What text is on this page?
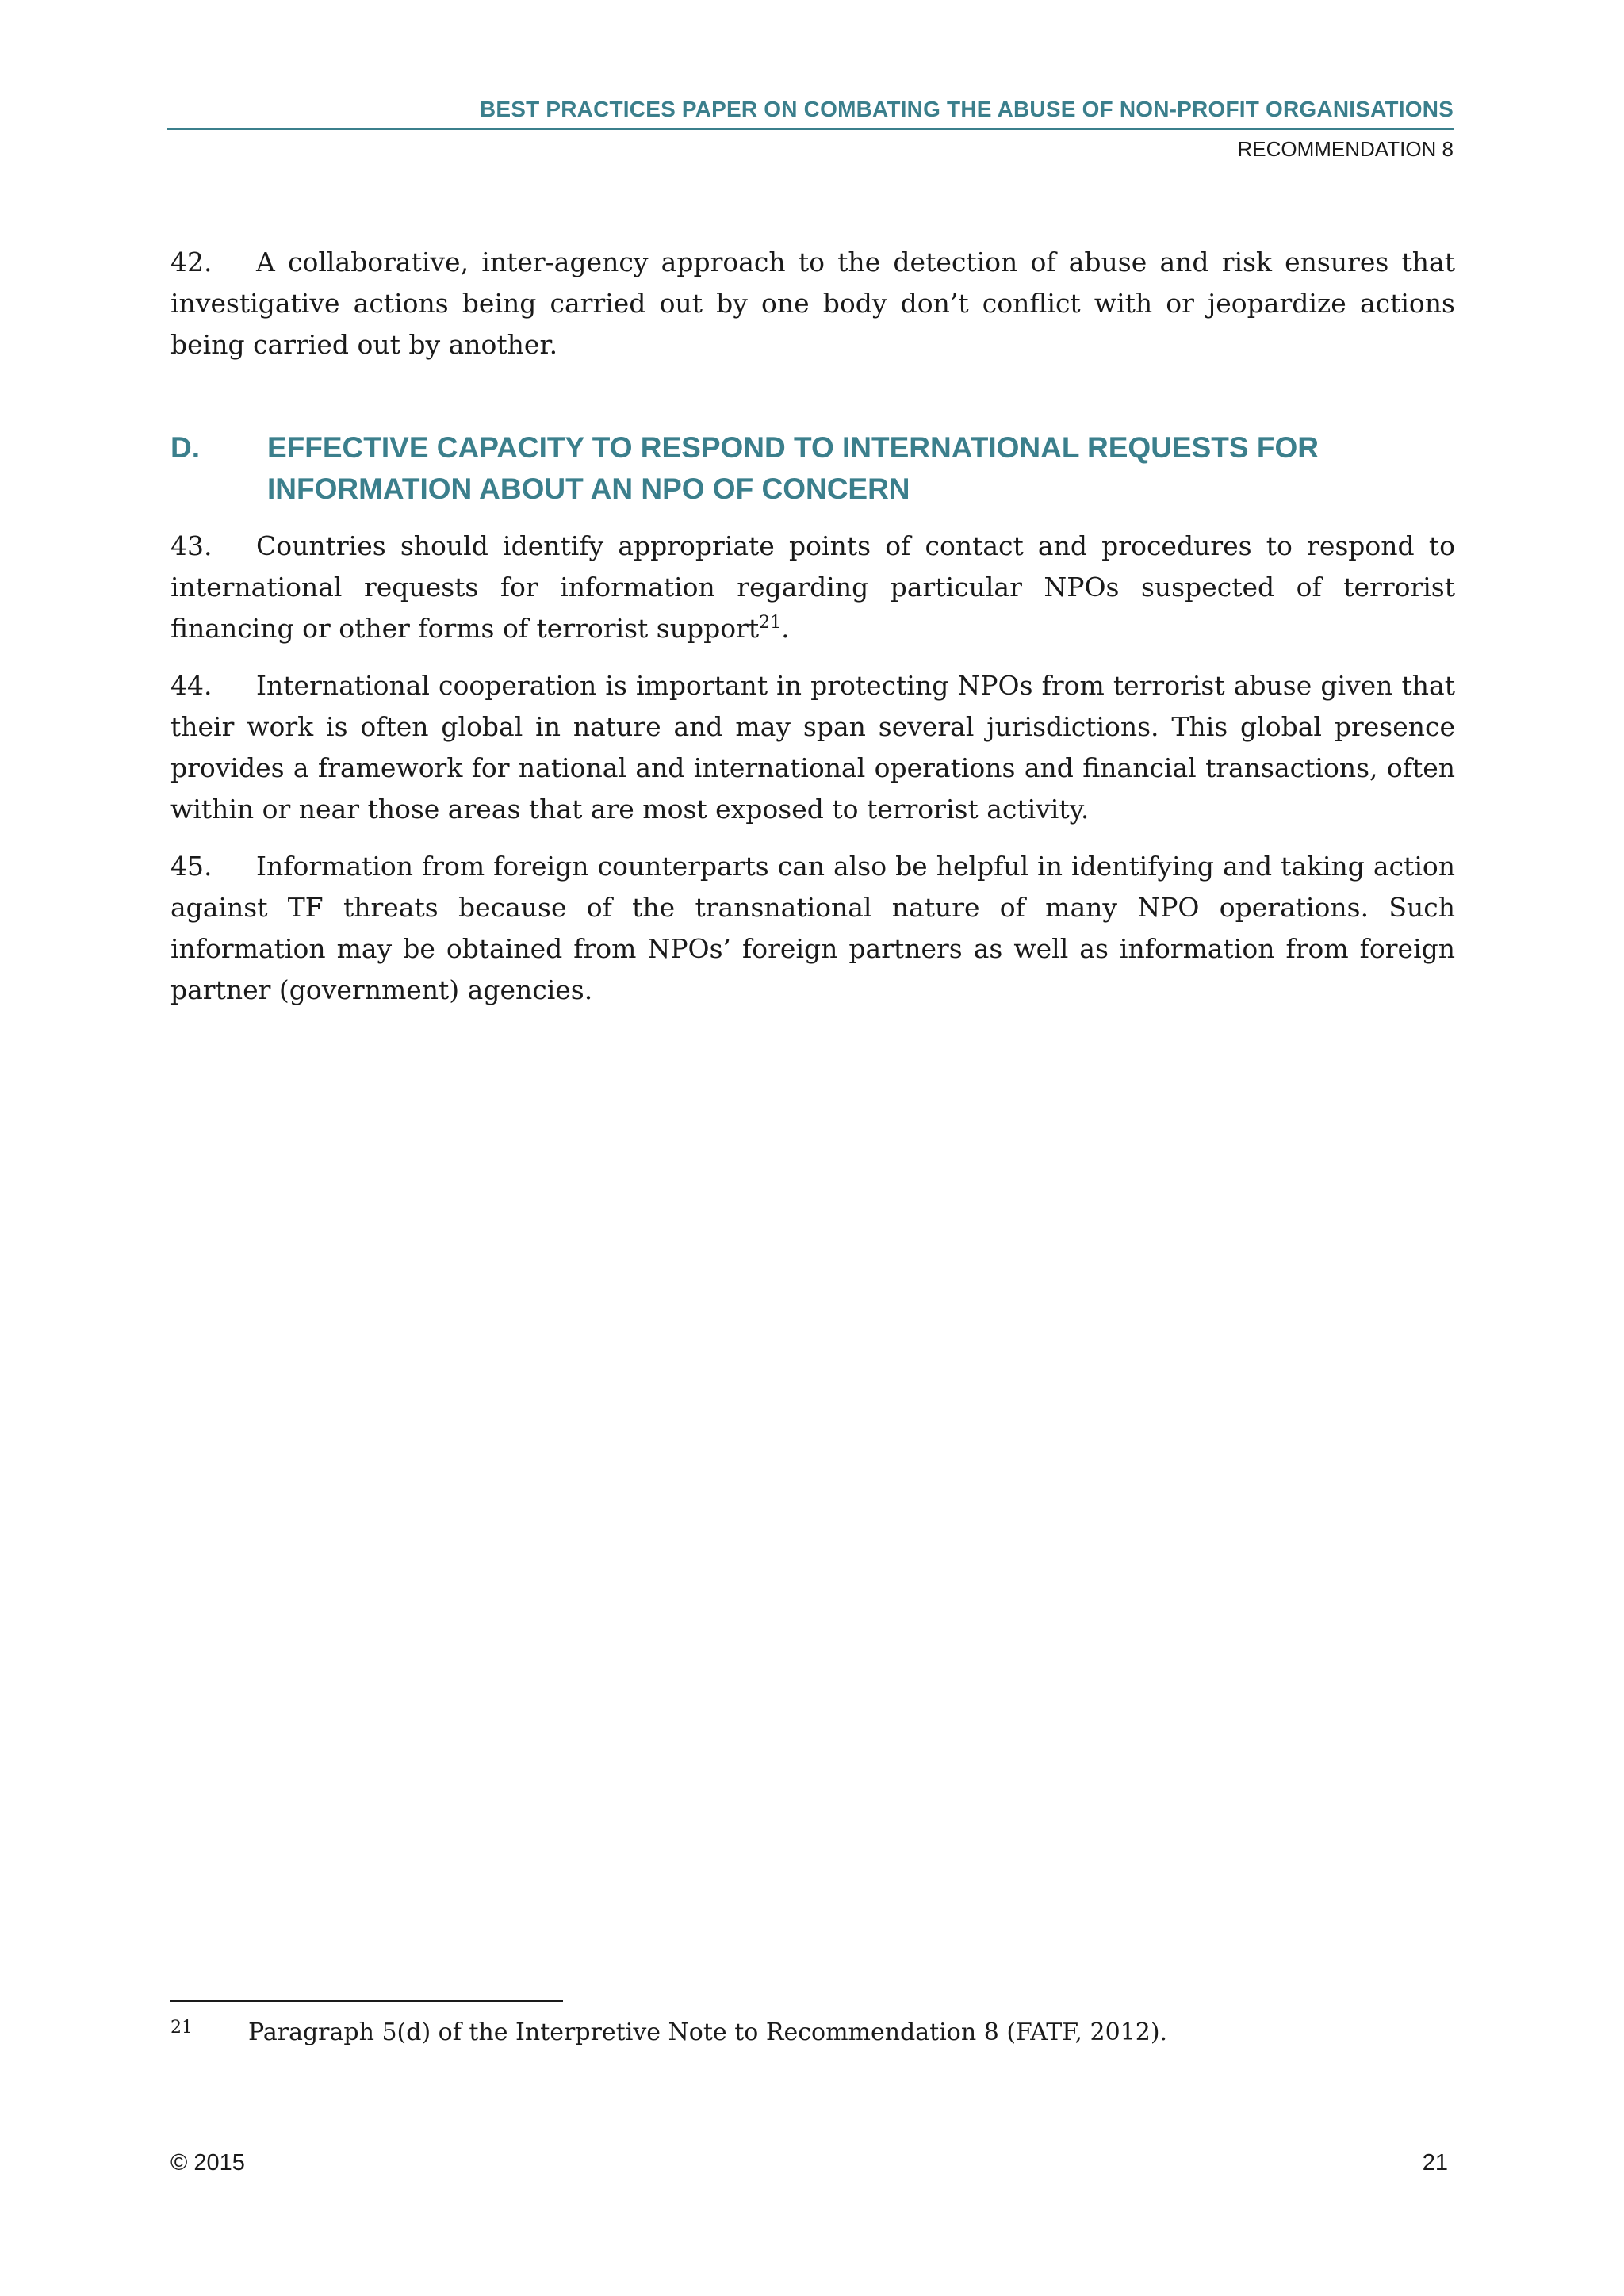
BEST PRACTICES PAPER ON COMBATING THE ABUSE OF NON-PROFIT ORGANISATIONS
RECOMMENDATION 8

42. A collaborative, inter-agency approach to the detection of abuse and risk ensures that investigative actions being carried out by one body don’t conflict with or jeopardize actions being carried out by another.

D.	EFFECTIVE CAPACITY TO RESPOND TO INTERNATIONAL REQUESTS FOR INFORMATION ABOUT AN NPO OF CONCERN

43. Countries should identify appropriate points of contact and procedures to respond to international requests for information regarding particular NPOs suspected of terrorist financing or other forms of terrorist support$^{21}$.

44. International cooperation is important in protecting NPOs from terrorist abuse given that their work is often global in nature and may span several jurisdictions. This global presence provides a framework for national and international operations and financial transactions, often within or near those areas that are most exposed to terrorist activity.

45. Information from foreign counterparts can also be helpful in identifying and taking action against TF threats because of the transnational nature of many NPO operations. Such information may be obtained from NPOs’ foreign partners as well as information from foreign partner (government) agencies.

21	Paragraph 5(d) of the Interpretive Note to Recommendation 8 (FATF, 2012).
© 2015	21
